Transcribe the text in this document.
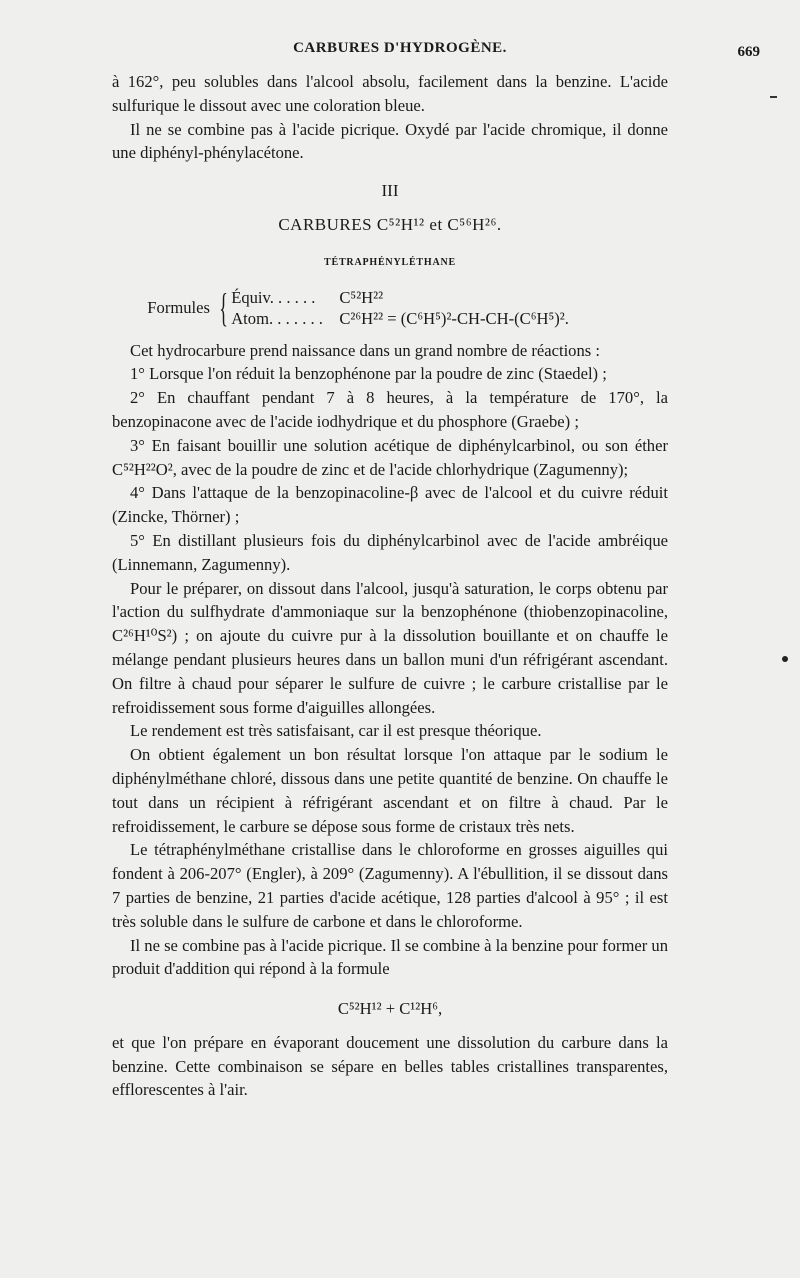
CARBURES D'HYDROGÈNE.	669

à 162°, peu solubles dans l'alcool absolu, facilement dans la benzine. L'acide sulfurique le dissout avec une coloration bleue.

Il ne se combine pas à l'acide picrique. Oxydé par l'acide chromique, il donne une diphényl-phénylacétone.

III

CARBURES C⁵²H¹² et C⁵⁶H²⁶.

TÉTRAPHÉNYLÉTHANE

Formules { Équiv. . . . . . C⁵²H²²
Atom. . . . . . . C²⁶H²² = (C⁶H⁵)²-CH-CH-(C⁶H⁵)².

Cet hydrocarbure prend naissance dans un grand nombre de réactions :

1° Lorsque l'on réduit la benzophénone par la poudre de zinc (Staedel) ;

2° En chauffant pendant 7 à 8 heures, à la température de 170°, la benzopinacone avec de l'acide iodhydrique et du phosphore (Graebe) ;

3° En faisant bouillir une solution acétique de diphénylcarbinol, ou son éther C⁵²H²²O², avec de la poudre de zinc et de l'acide chlorhydrique (Zagumenny);

4° Dans l'attaque de la benzopinacoline-β avec de l'alcool et du cuivre réduit (Zincke, Thörner) ;

5° En distillant plusieurs fois du diphénylcarbinol avec de l'acide ambréique (Linnemann, Zagumenny).

Pour le préparer, on dissout dans l'alcool, jusqu'à saturation, le corps obtenu par l'action du sulfhydrate d'ammoniaque sur la benzophénone (thiobenzopinacoline, C²⁶H¹⁰S²) ; on ajoute du cuivre pur à la dissolution bouillante et on chauffe le mélange pendant plusieurs heures dans un ballon muni d'un réfrigérant ascendant. On filtre à chaud pour séparer le sulfure de cuivre ; le carbure cristallise par le refroidissement sous forme d'aiguilles allongées.

Le rendement est très satisfaisant, car il est presque théorique.

On obtient également un bon résultat lorsque l'on attaque par le sodium le diphénylméthane chloré, dissous dans une petite quantité de benzine. On chauffe le tout dans un récipient à réfrigérant ascendant et on filtre à chaud. Par le refroidissement, le carbure se dépose sous forme de cristaux très nets.

Le tétraphénylméthane cristallise dans le chloroforme en grosses aiguilles qui fondent à 206-207° (Engler), à 209° (Zagumenny). A l'ébullition, il se dissout dans 7 parties de benzine, 21 parties d'acide acétique, 128 parties d'alcool à 95° ; il est très soluble dans le sulfure de carbone et dans le chloroforme.

Il ne se combine pas à l'acide picrique. Il se combine à la benzine pour former un produit d'addition qui répond à la formule

C⁵²H¹² + C¹²H⁶,

et que l'on prépare en évaporant doucement une dissolution du carbure dans la benzine. Cette combinaison se sépare en belles tables cristallines transparentes, efflorescentes à l'air.
